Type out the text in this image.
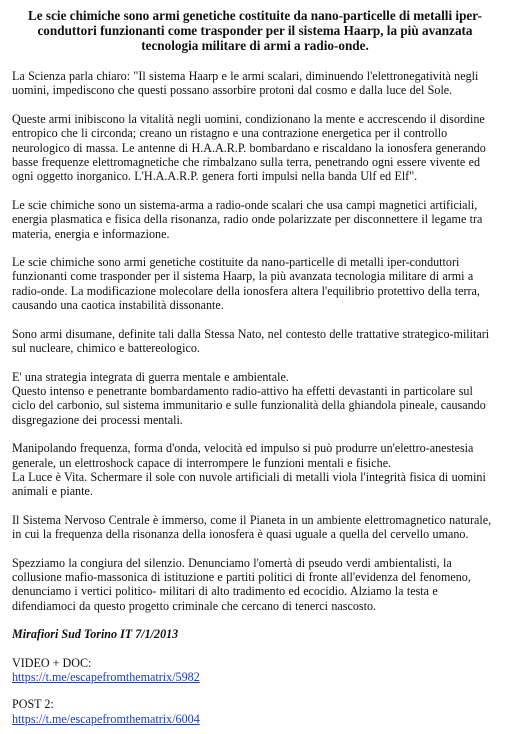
Le scie chimiche sono armi genetiche costituite da nano-particelle di metalli iper-conduttori funzionanti come trasponder per il sistema Haarp, la più avanzata tecnologia militare di armi a radio-onde.

La Scienza parla chiaro: "Il sistema Haarp e le armi scalari, diminuendo l'elettronegatività negli uomini, impediscono che questi possano assorbire protoni dal cosmo e dalla luce del Sole.

Queste armi inibiscono la vitalità negli uomini, condizionano la mente e accrescendo il disordine entropico che li circonda; creano un ristagno e una contrazione energetica per il controllo neurologico di massa. Le antenne di H.A.A.R.P. bombardano e riscaldano la ionosfera generando basse frequenze elettromagnetiche che rimbalzano sulla terra, penetrando ogni essere vivente ed ogni oggetto inorganico. L'H.A.A.R.P. genera forti impulsi nella banda Ulf ed Elf".

Le scie chimiche sono un sistema-arma a radio-onde scalari che usa campi magnetici artificiali, energia plasmatica e fisica della risonanza, radio onde polarizzate per disconnettere il legame tra materia, energia e informazione.

Le scie chimiche sono armi genetiche costituite da nano-particelle di metalli iper-conduttori funzionanti come trasponder per il sistema Haarp, la più avanzata tecnologia militare di armi a radio-onde. La modificazione molecolare della ionosfera altera l'equilibrio protettivo della terra, causando una caotica instabilità dissonante.

Sono armi disumane, definite tali dalla Stessa Nato, nel contesto delle trattative strategico-militari sul nucleare, chimico e battereologico.

E' una strategia integrata di guerra mentale e ambientale.

Questo intenso e penetrante bombardamento radio-attivo ha effetti devastanti in particolare sul ciclo del carbonio, sul sistema immunitario e sulle funzionalità della ghiandola pineale, causando disgregazione dei processi mentali.

Manipolando frequenza, forma d'onda, velocità ed impulso si può produrre un'elettro-anestesia generale, un elettroshock capace di interrompere le funzioni mentali e fisiche.

La Luce è Vita. Schermare il sole con nuvole artificiali di metalli viola l'integrità fisica di uomini animali e piante.

Il Sistema Nervoso Centrale è immerso, come il Pianeta in un ambiente elettromagnetico naturale, in cui la frequenza della risonanza della ionosfera è quasi uguale a quella del cervello umano.

Spezziamo la congiura del silenzio. Denunciamo l'omertà di pseudo verdi ambientalisti, la collusione mafio-massonica di istituzione e partiti politici di fronte all'evidenza del fenomeno, denunciamo i vertici politico- militari di alto tradimento ed ecocidio. Alziamo la testa e difendiamoci da questo progetto criminale che cercano di tenerci nascosto.

Mirafiori Sud Torino IT 7/1/2013
VIDEO + DOC:
https://t.me/escapefromthematrix/5982
POST 2:
https://t.me/escapefromthematrix/6004
